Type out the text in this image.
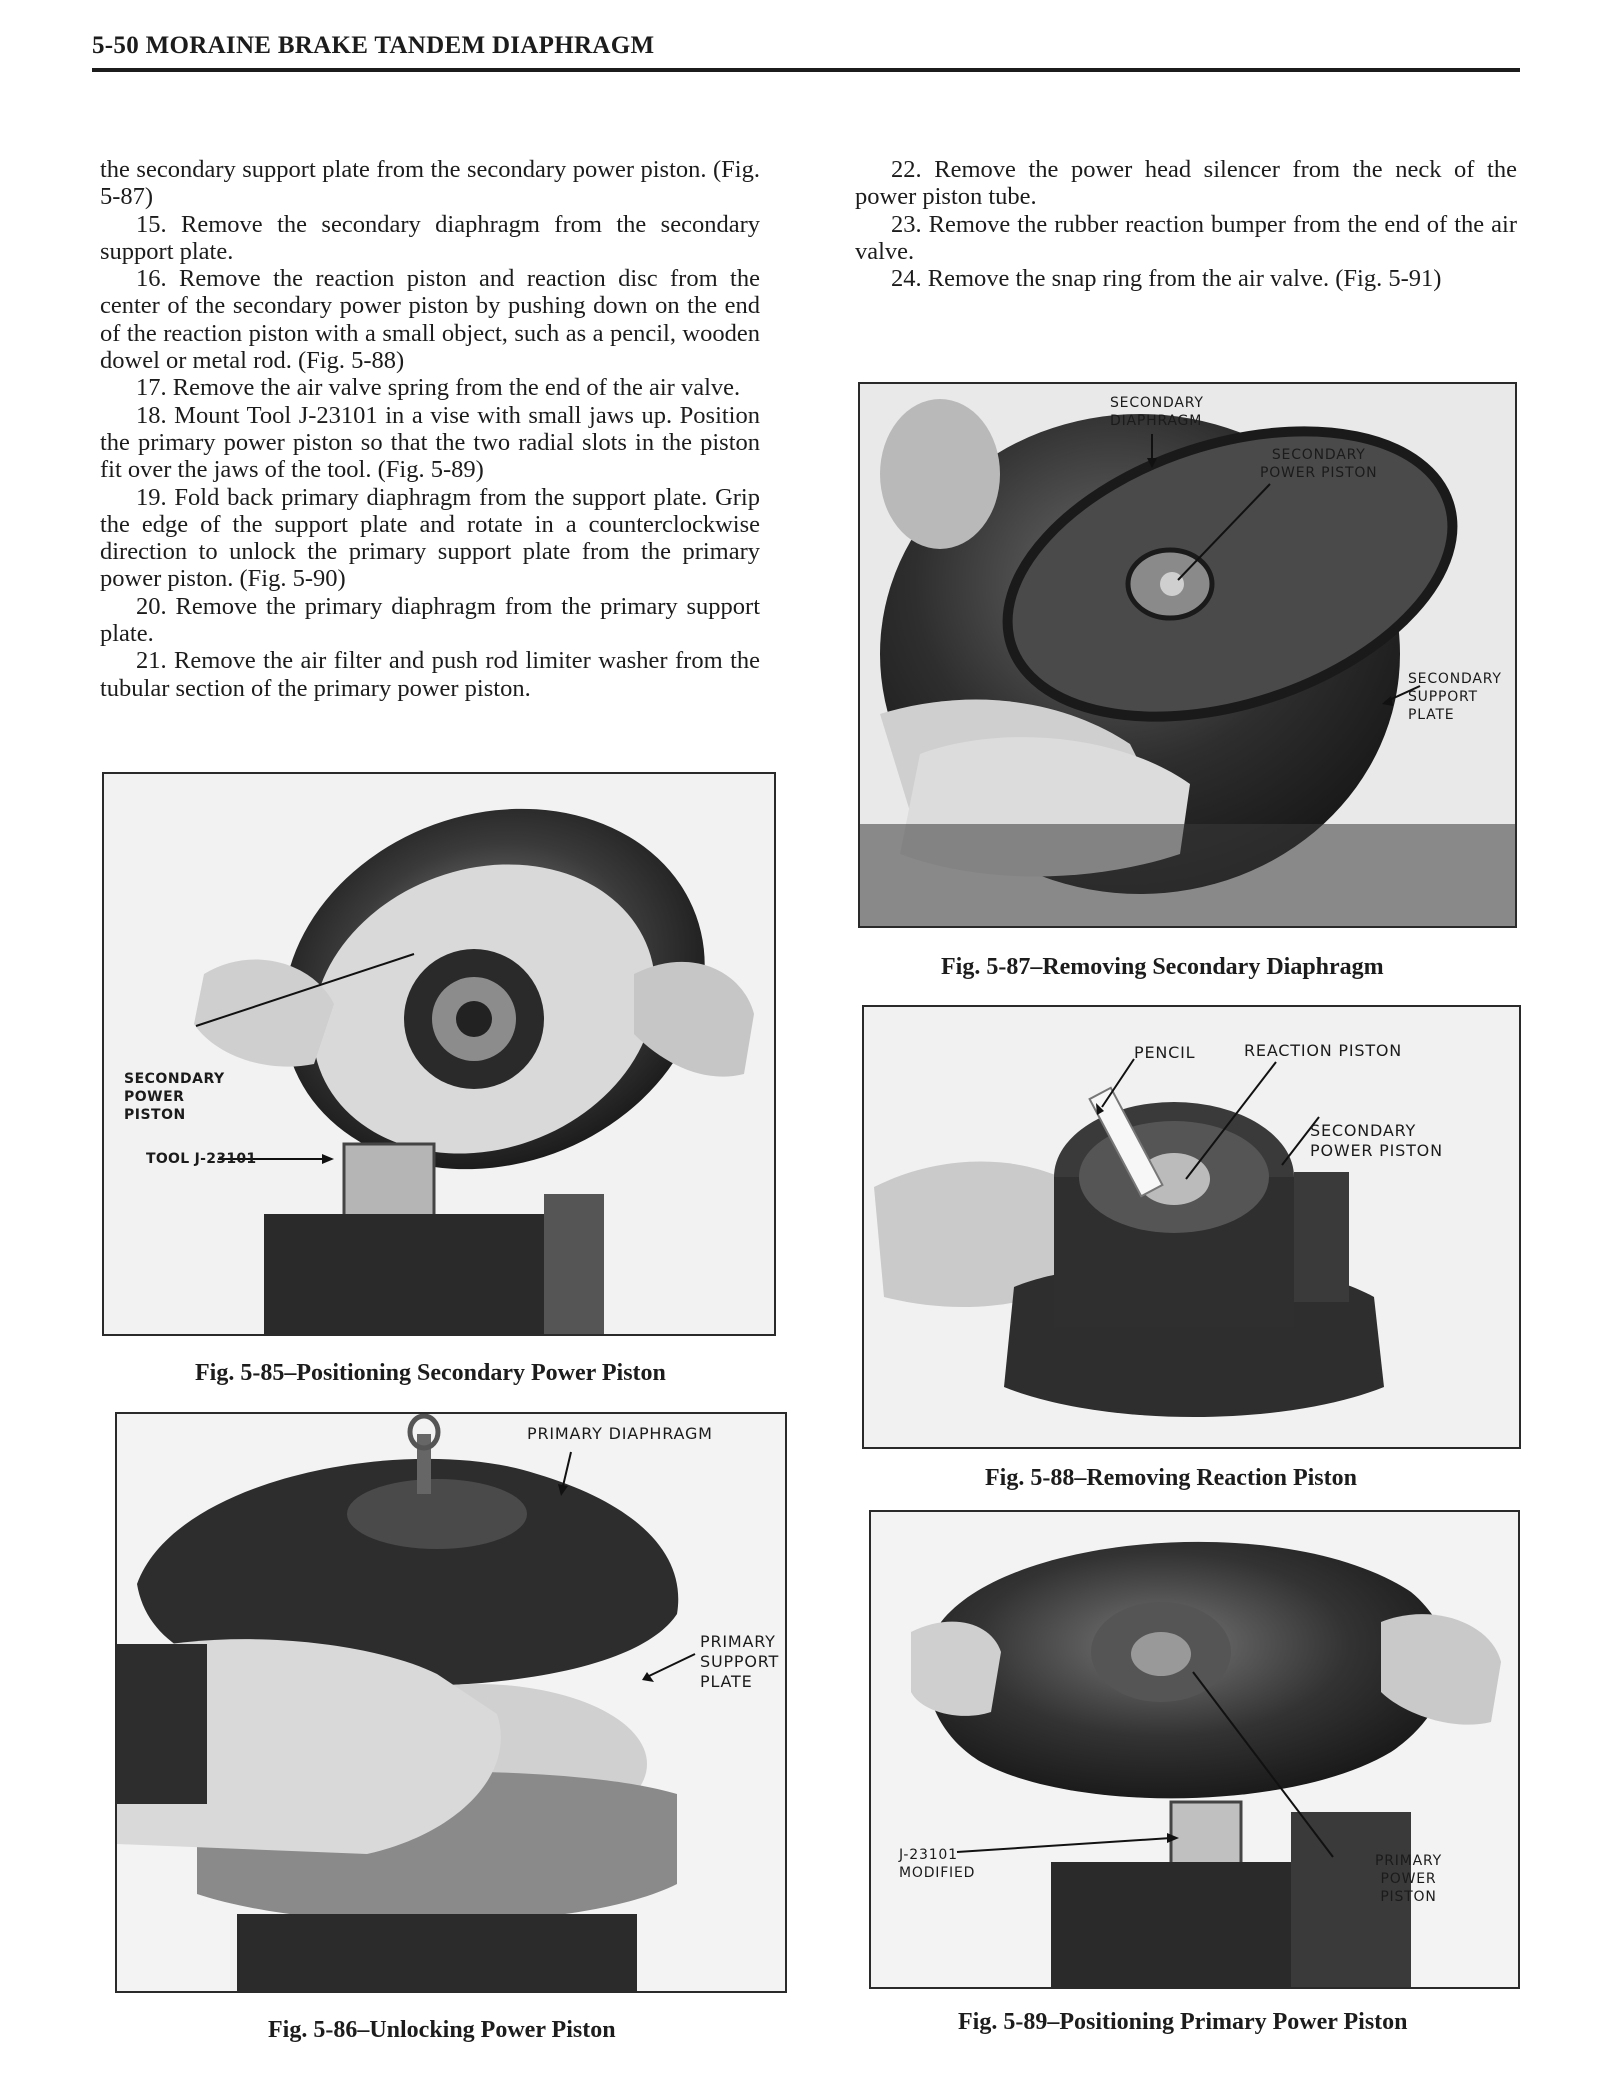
5-50 MORAINE BRAKE TANDEM DIAPHRAGM

the secondary support plate from the secondary power piston. (Fig. 5-87)

15. Remove the secondary diaphragm from the secondary support plate.

16. Remove the reaction piston and reaction disc from the center of the secondary power piston by pushing down on the end of the reaction piston with a small object, such as a pencil, wooden dowel or metal rod. (Fig. 5-88)

17. Remove the air valve spring from the end of the air valve.

18. Mount Tool J-23101 in a vise with small jaws up. Position the primary power piston so that the two radial slots in the piston fit over the jaws of the tool. (Fig. 5-89)

19. Fold back primary diaphragm from the support plate. Grip the edge of the support plate and rotate in a counterclockwise direction to unlock the primary support plate from the primary power piston. (Fig. 5-90)

20. Remove the primary diaphragm from the primary support plate.

21. Remove the air filter and push rod limiter washer from the tubular section of the primary power piston.

22. Remove the power head silencer from the neck of the power piston tube.

23. Remove the rubber reaction bumper from the end of the air valve.

24. Remove the snap ring from the air valve. (Fig. 5-91)

SECONDARY
DIAPHRAGM
SECONDARY
POWER PISTON
SECONDARY
SUPPORT
PLATE
Fig. 5-87–Removing Secondary Diaphragm
SECONDARY
POWER
PISTON
TOOL J-23101
Fig. 5-85–Positioning Secondary Power Piston
PENCIL	REACTION PISTON
SECONDARY
POWER PISTON
Fig. 5-88–Removing Reaction Piston
PRIMARY DIAPHRAGM
PRIMARY
SUPPORT
PLATE
Fig. 5-86–Unlocking Power Piston
J-23101
MODIFIED
PRIMARY
POWER
PISTON
Fig. 5-89–Positioning Primary Power Piston
